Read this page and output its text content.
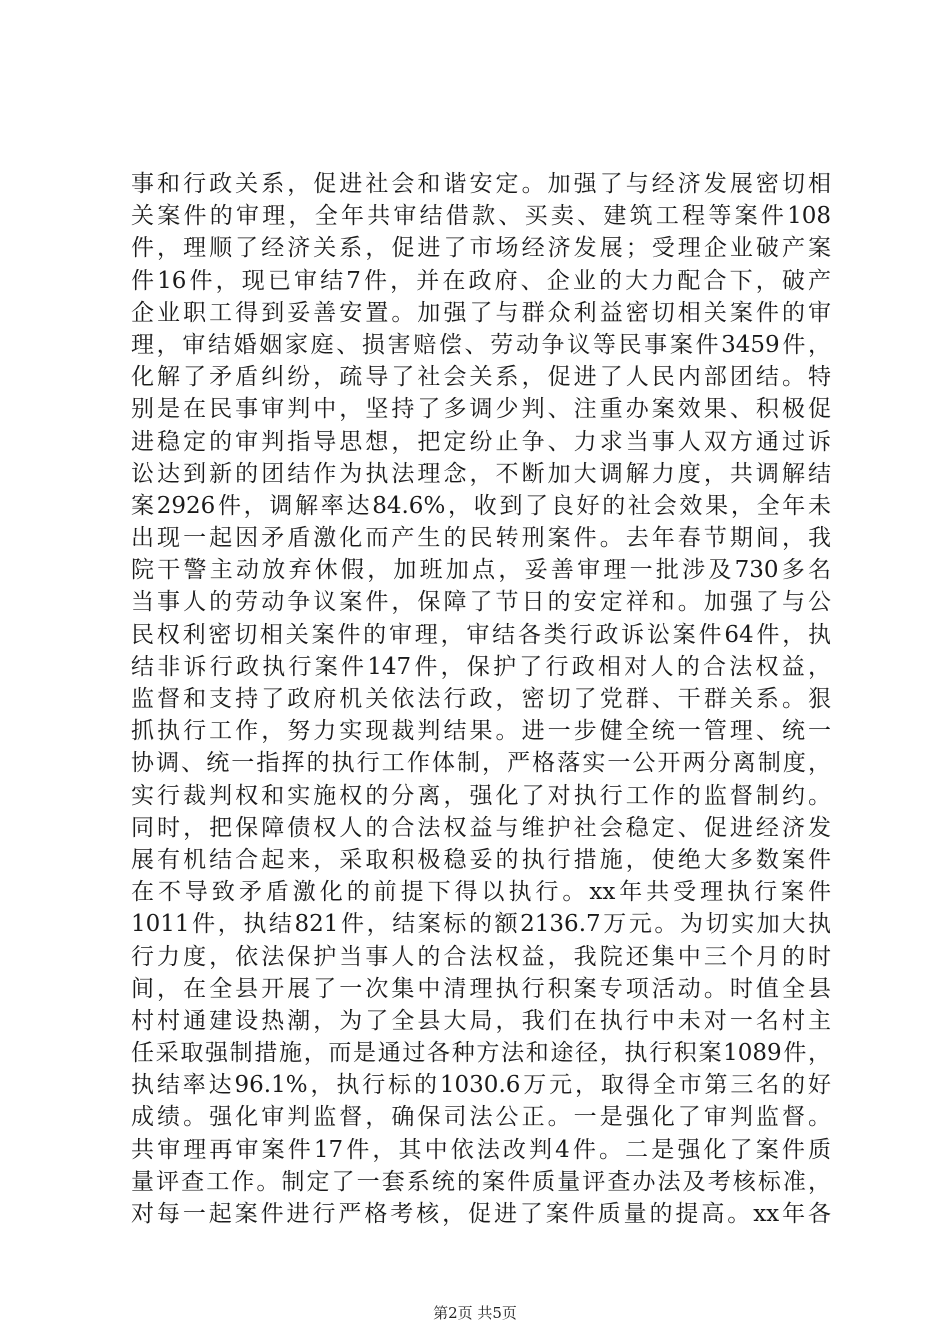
事和行政关系，促进社会和谐安定。加强了与经济发展密切相
关案件的审理，全年共审结借款、买卖、建筑工程等案件108
件，理顺了经济关系，促进了市场经济发展；受理企业破产案
件16件，现已审结7件，并在政府、企业的大力配合下，破产
企业职工得到妥善安置。加强了与群众利益密切相关案件的审
理，审结婚姻家庭、损害赔偿、劳动争议等民事案件3459件，
化解了矛盾纠纷，疏导了社会关系，促进了人民内部团结。特
别是在民事审判中，坚持了多调少判、注重办案效果、积极促
进稳定的审判指导思想，把定纷止争、力求当事人双方通过诉
讼达到新的团结作为执法理念，不断加大调解力度，共调解结
案2926件，调解率达84.6%，收到了良好的社会效果，全年未
出现一起因矛盾激化而产生的民转刑案件。去年春节期间，我
院干警主动放弃休假，加班加点，妥善审理一批涉及730多名
当事人的劳动争议案件，保障了节日的安定祥和。加强了与公
民权利密切相关案件的审理，审结各类行政诉讼案件64件，执
结非诉行政执行案件147件，保护了行政相对人的合法权益，
监督和支持了政府机关依法行政，密切了党群、干群关系。狠
抓执行工作，努力实现裁判结果。进一步健全统一管理、统一
协调、统一指挥的执行工作体制，严格落实一公开两分离制度，
实行裁判权和实施权的分离，强化了对执行工作的监督制约。
同时，把保障债权人的合法权益与维护社会稳定、促进经济发
展有机结合起来，采取积极稳妥的执行措施，使绝大多数案件
在不导致矛盾激化的前提下得以执行。xx年共受理执行案件
1011件，执结821件，结案标的额2136.7万元。为切实加大执
行力度，依法保护当事人的合法权益，我院还集中三个月的时
间，在全县开展了一次集中清理执行积案专项活动。时值全县
村村通建设热潮，为了全县大局，我们在执行中未对一名村主
任采取强制措施，而是通过各种方法和途径，执行积案1089件，
执结率达96.1%，执行标的1030.6万元，取得全市第三名的好
成绩。强化审判监督，确保司法公正。一是强化了审判监督。
共审理再审案件17件，其中依法改判4件。二是强化了案件质
量评查工作。制定了一套系统的案件质量评查办法及考核标准，
对每一起案件进行严格考核，促进了案件质量的提高。xx年各
第2页 共5页
